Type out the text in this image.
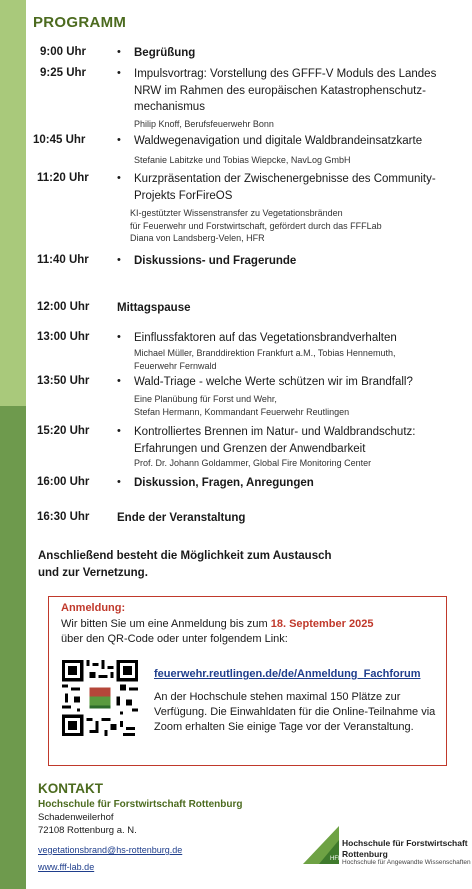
PROGRAMM
9:00 Uhr	• Begrüßung
9:25 Uhr	• Impulsvortrag: Vorstellung des GFFF-V Moduls des Landes
NRW im Rahmen des europäischen Katastrophenschutz-
mechanismus
Philip Knoff, Berufsfeuerwehr Bonn
10:45 Uhr	• Waldwegenavigation und digitale Waldbrandeinsatzkarte
Stefanie Labitzke und Tobias Wiepcke, NavLog GmbH
11:20 Uhr	• Kurzpräsentation der Zwischenergebnisse des Community-
Projekts ForFireOS
KI-gestützter Wissenstransfer zu Vegetationsbränden
für Feuerwehr und Forstwirtschaft, gefördert durch das FFFLab
Diana von Landsberg-Velen, HFR
11:40 Uhr	• Diskussions- und Fragerunde
12:00 Uhr Mittagspause
13:00 Uhr	• Einflussfaktoren auf das Vegetationsbrandverhalten
Michael Müller, Branddirektion Frankfurt a.M., Tobias Hennemuth,
Feuerwehr Fernwald
13:50 Uhr	• Wald-Triage - welche Werte schützen wir im Brandfall?
Eine Planübung für Forst und Wehr,
Stefan Hermann, Kommandant Feuerwehr Reutlingen
15:20 Uhr	• Kontrolliertes Brennen im Natur- und Waldbrandschutz:
Erfahrungen und Grenzen der Anwendbarkeit
Prof. Dr. Johann Goldammer, Global Fire Monitoring Center
16:00 Uhr	• Diskussion, Fragen, Anregungen
16:30 Uhr Ende der Veranstaltung
Anschließend besteht die Möglichkeit zum Austausch
und zur Vernetzung.
Anmeldung:
Wir bitten Sie um eine Anmeldung bis zum 18. September 2025
über den QR-Code oder unter folgendem Link:
feuerwehr.reutlingen.de/de/Anmeldung_Fachforum
An der Hochschule stehen maximal 150 Plätze zur
Verfügung. Die Einwahldaten für die Online-Teilnahme via
Zoom erhalten Sie einige Tage vor der Veranstaltung.
KONTAKT
Hochschule für Forstwirtschaft Rottenburg
Schadenweilerhof
72108 Rottenburg a. N.
vegetationsbrand@hs-rottenburg.de
www.fff-lab.de
HFR
Hochschule für Forstwirtschaft
Rottenburg
Hochschule für Angewandte Wissenschaften
